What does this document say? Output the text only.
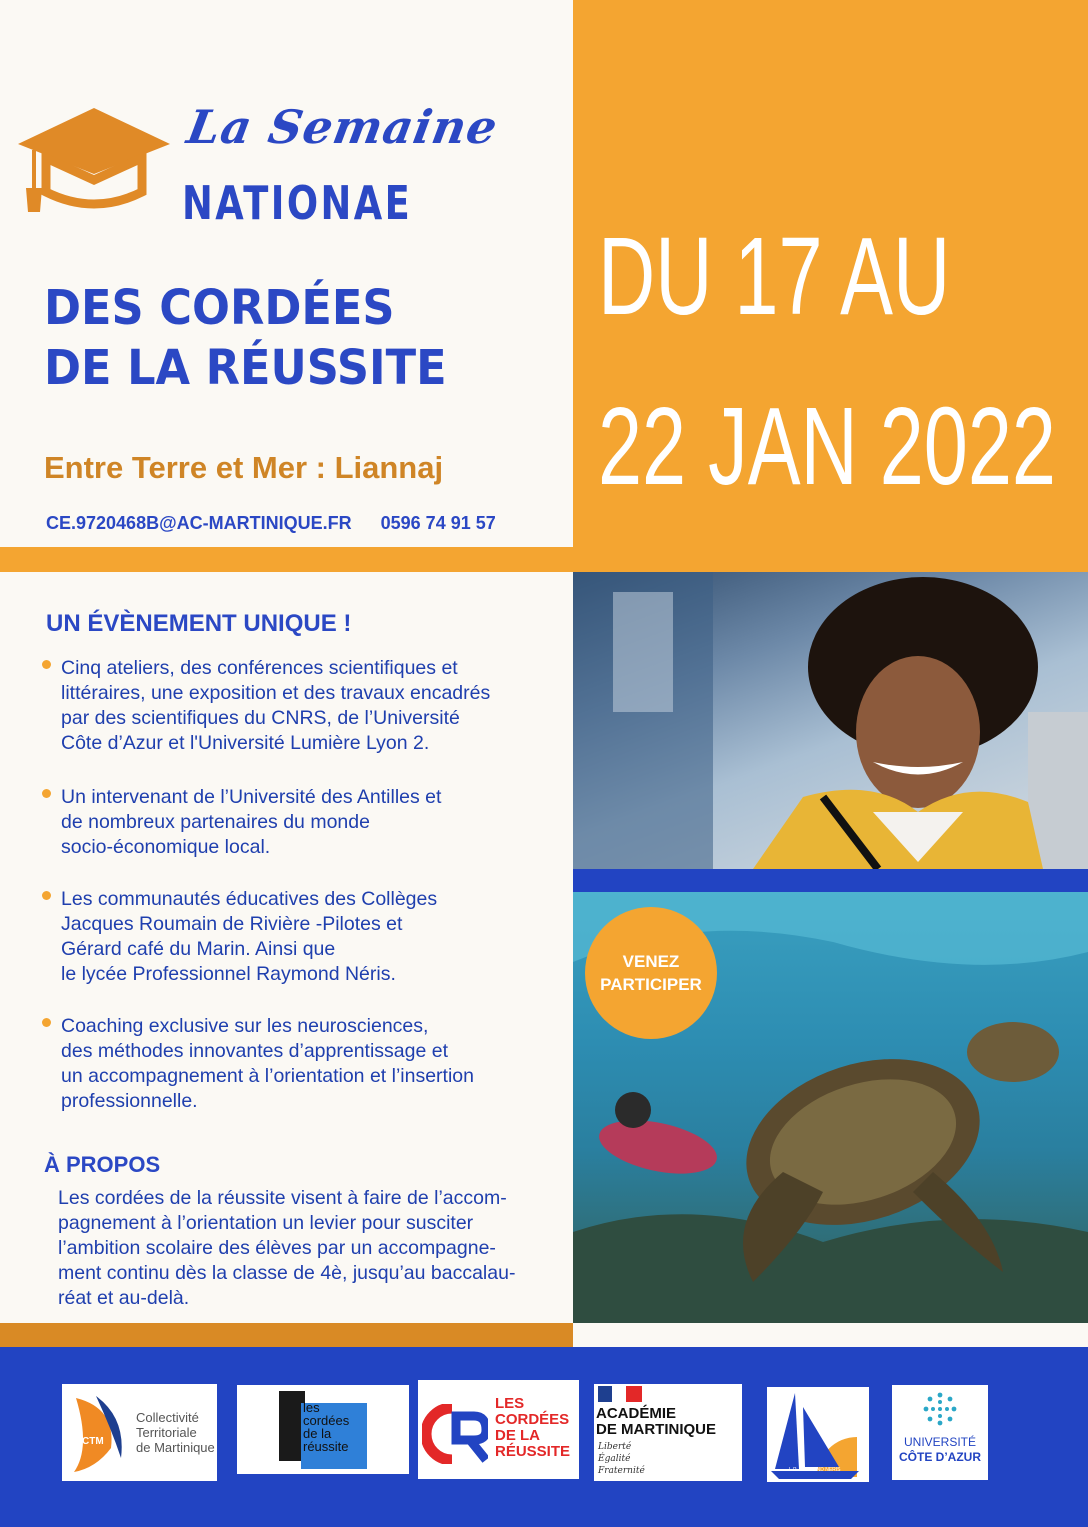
La Semaine
NATIONAE
DES CORDÉES
DE LA RÉUSSITE
Entre Terre et Mer : Liannaj
CE.9720468B@AC-MARTINIQUE.FR 0596 74 91 57
DU 17 AU
22 JAN 2022
UN ÉVÈNEMENT UNIQUE !
Cinq ateliers, des conférences scientifiques et
littéraires, une exposition et des travaux encadrés
par des scientifiques du CNRS, de l’Université
Côte d’Azur et l'Université Lumière Lyon 2.
Un intervenant de l’Université des Antilles et
de nombreux partenaires du monde
socio-économique local.
Les communautés éducatives des Collèges
Jacques Roumain de Rivière -Pilotes et
Gérard café du Marin. Ainsi que
le lycée Professionnel Raymond Néris.
Coaching exclusive sur les neurosciences,
des méthodes innovantes d’apprentissage et
un accompagnement à l’orientation et l’insertion
professionnelle.
À PROPOS
Les cordées de la réussite visent à faire de l’accom-
pagnement à l’orientation un levier pour susciter
l’ambition scolaire des élèves par un accompagne-
ment continu dès la classe de 4è, jusqu’au baccalau-
réat et au-delà.
VENEZ
PARTICIPER
CTM
Collectivité
Territoriale
de Martinique
les
cordées
de la
réussite
LES
CORDÉES
DE LA
RÉUSSITE
ACADÉMIE
DE MARTINIQUE
Liberté
Égalité
Fraternité	L.P. RAYMOND NERIS
UNIVERSITÉ
CÔTE D’AZUR
